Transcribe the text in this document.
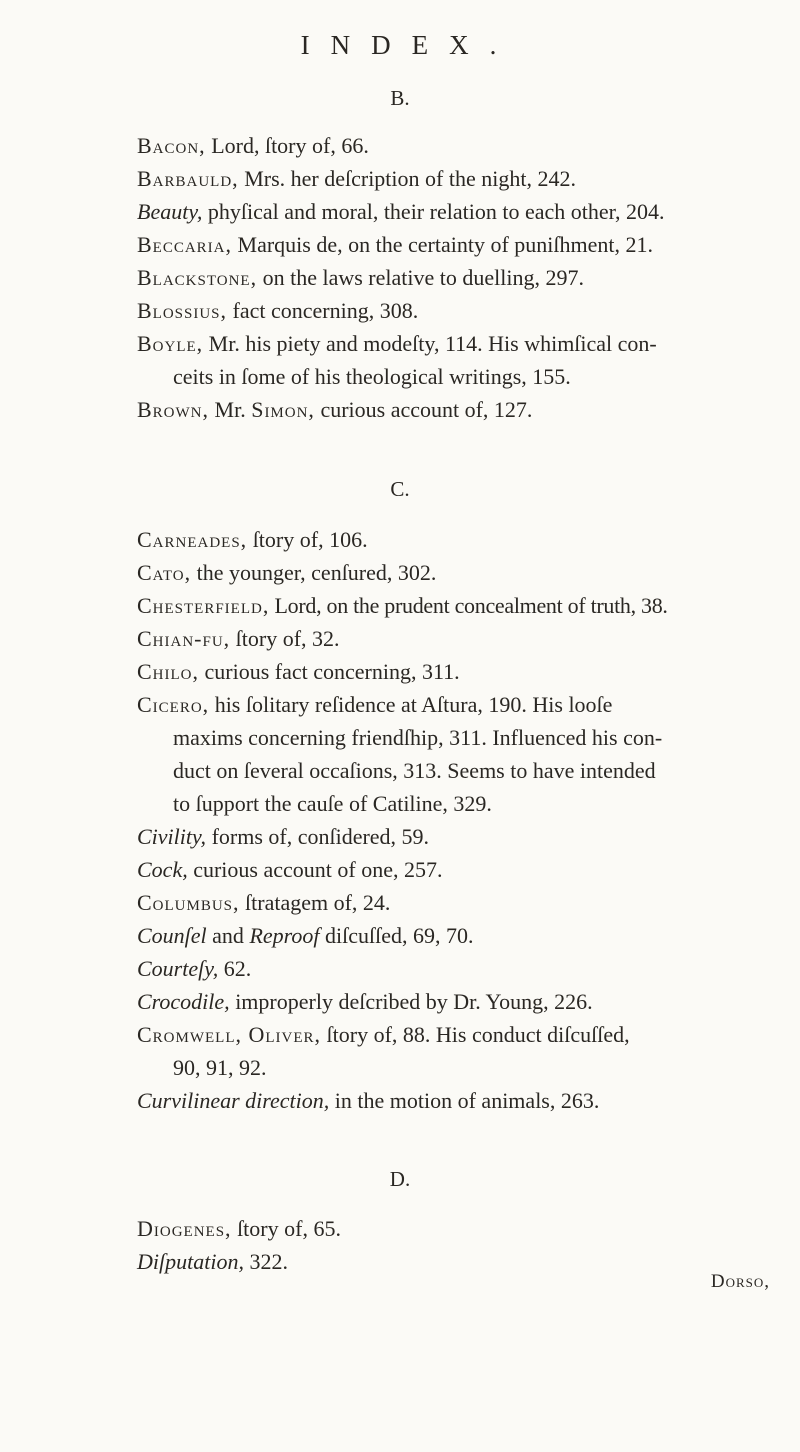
INDEX.
B.
Bacon, Lord, ſtory of, 66.
Barbauld, Mrs. her deſcription of the night, 242.
Beauty, phyſical and moral, their relation to each other, 204.
Beccaria, Marquis de, on the certainty of puniſhment, 21.
Blackstone, on the laws relative to duelling, 297.
Blossius, fact concerning, 308.
Boyle, Mr. his piety and modeſty, 114. His whimſical con-
ceits in ſome of his theological writings, 155.
Brown, Mr. Simon, curious account of, 127.
C.
Carneades, ſtory of, 106.
Cato, the younger, cenſured, 302.
Chesterfield, Lord, on the prudent concealment of truth, 38.
Chian-fu, ſtory of, 32.
Chilo, curious fact concerning, 311.
Cicero, his ſolitary reſidence at Aſtura, 190. His looſe
maxims concerning friendſhip, 311. Influenced his con-
duct on ſeveral occaſions, 313. Seems to have intended
to ſupport the cauſe of Catiline, 329.
Civility, forms of, conſidered, 59.
Cock, curious account of one, 257.
Columbus, ſtratagem of, 24.
Counſel and Reproof diſcuſſed, 69, 70.
Courteſy, 62.
Crocodile, improperly deſcribed by Dr. Young, 226.
Cromwell, Oliver, ſtory of, 88. His conduct diſcuſſed,
90, 91, 92.
Curvilinear direction, in the motion of animals, 263.
D.
Diogenes, ſtory of, 65.
Diſputation, 322.
Dorso,
